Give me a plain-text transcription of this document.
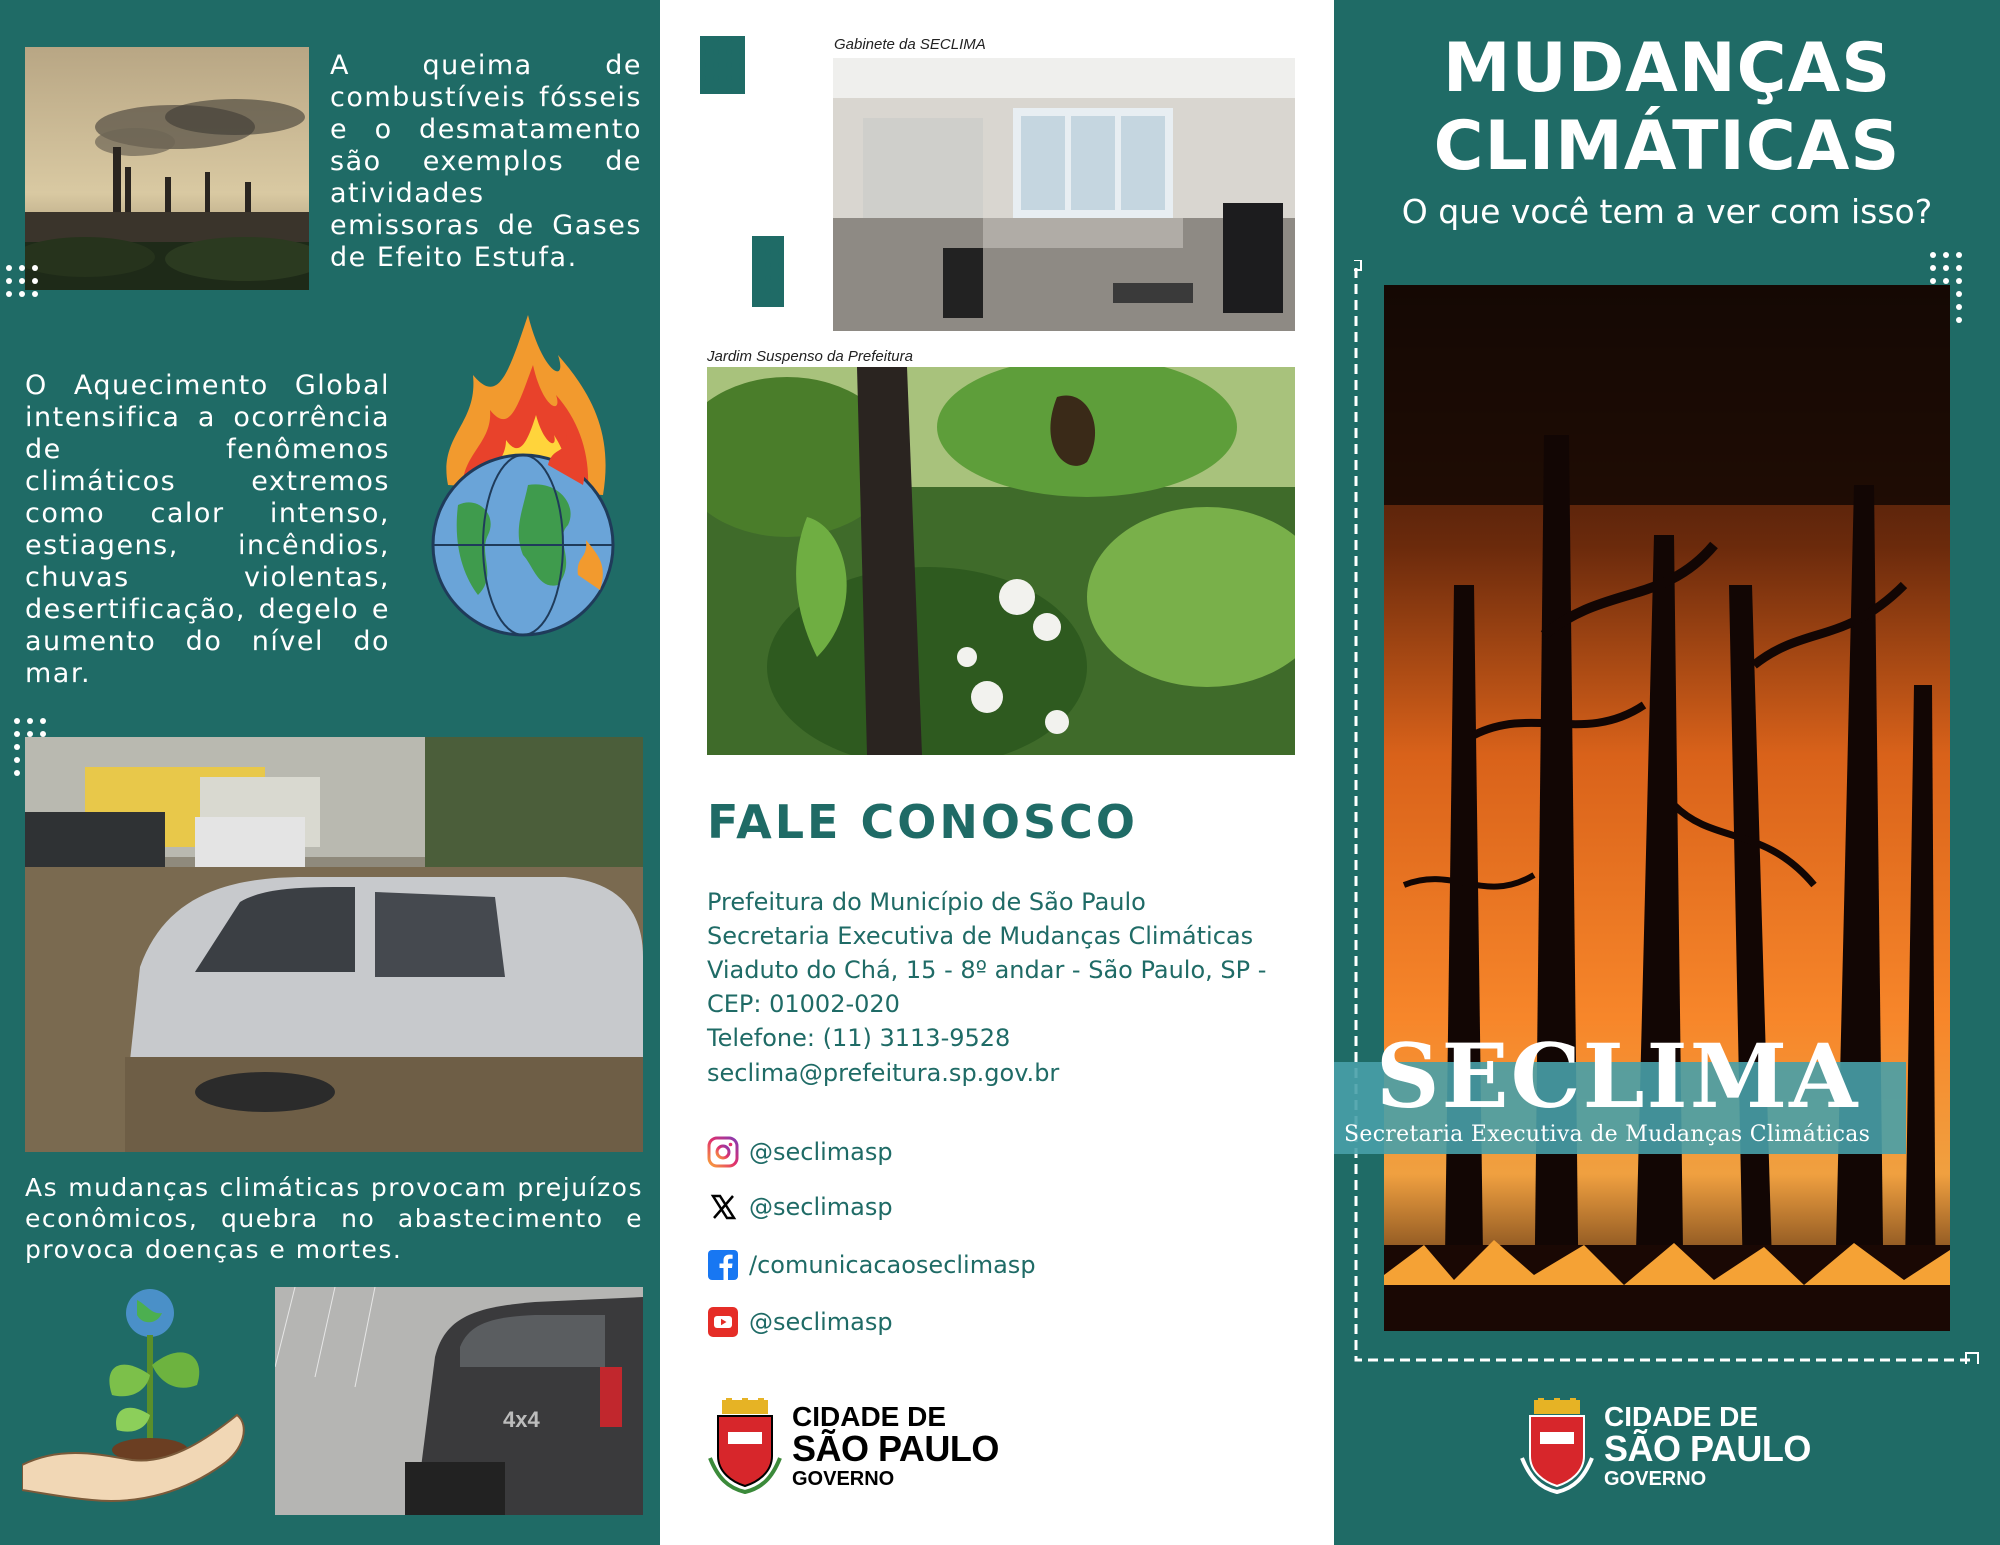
A queima de combustíveis fósseis e o desmatamento são exemplos de atividades emissoras de Gases de Efeito Estufa.
O Aquecimento Global intensifica a ocorrência de fenômenos climáticos extremos como calor intenso, estiagens, incêndios, chuvas violentas, desertificação, degelo e aumento do nível do mar.
As mudanças climáticas provocam prejuízos econômicos, quebra no abastecimento e provoca doenças e mortes.
4x4
Gabinete da SECLIMA
Jardim Suspenso da Prefeitura
FALE CONOSCO
Prefeitura do Município de São Paulo
Secretaria Executiva de Mudanças Climáticas
Viaduto do Chá, 15 - 8º andar - São Paulo, SP -
CEP: 01002-020
Telefone: (11) 3113-9528
seclima@prefeitura.sp.gov.br
@seclimasp
@seclimasp
/comunicacaoseclimasp
@seclimasp
CIDADE DE
SÃO PAULO
GOVERNO
MUDANÇAS
CLIMÁTICAS
O que você tem a ver com isso?
SECLIMA
Secretaria Executiva de Mudanças Climáticas
CIDADE DE
SÃO PAULO
GOVERNO
